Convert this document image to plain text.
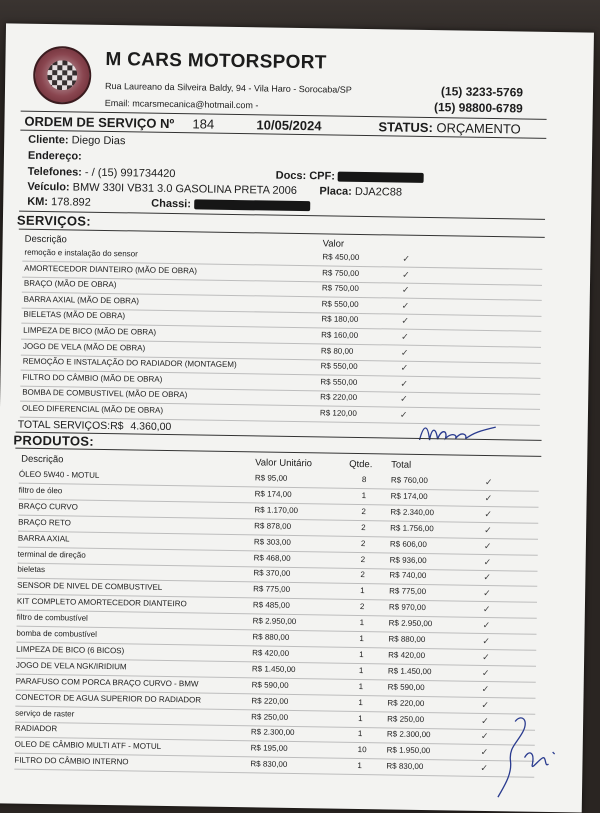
M CARS MOTORSPORT
Rua Laureano da Silveira Baldy, 94 - Vila Haro - Sorocaba/SP
Email: mcarsmecanica@hotmail.com -
(15) 3233-5769
(15) 98800-6789
ORDEM DE SERVIÇO Nº 184	10/05/2024	STATUS: ORÇAMENTO
Cliente: Diego Dias
Endereço:
Telefones: - / (15) 991734420	Docs: CPF:
Veículo: BMW 330I VB31 3.0 GASOLINA PRETA 2006 Placa: DJA2C88
KM: 178.892	Chassi:
SERVIÇOS:
Descrição	Valor
remoção e instalação do sensor	R$ 450,00	✓
AMORTECEDOR DIANTEIRO (MÃO DE OBRA)	R$ 750,00	✓
BRAÇO (MÃO DE OBRA)	R$ 750,00	✓
BARRA AXIAL (MÃO DE OBRA)	R$ 550,00	✓
BIELETAS (MÃO DE OBRA)	R$ 180,00	✓
LIMPEZA DE BICO (MÃO DE OBRA)	R$ 160,00	✓
JOGO DE VELA (MÃO DE OBRA)	R$ 80,00	✓
REMOÇÃO E INSTALAÇÃO DO RADIADOR (MONTAGEM)	R$ 550,00	✓
FILTRO DO CÂMBIO (MÃO DE OBRA)	R$ 550,00	✓
BOMBA DE COMBUSTIVEL (MÃO DE OBRA)	R$ 220,00	✓
OLEO DIFERENCIAL (MÃO DE OBRA)	R$ 120,00	✓
TOTAL SERVIÇOS:R$ 4.360,00
PRODUTOS:
Descrição	Valor Unitário	Qtde. Total
ÓLEO 5W40 - MOTUL	R$ 95,00	8	R$ 760,00	✓
filtro de óleo	R$ 174,00	1	R$ 174,00	✓
BRAÇO CURVO	R$ 1.170,00	2	R$ 2.340,00	✓
BRAÇO RETO	R$ 878,00	2	R$ 1.756,00	✓
BARRA AXIAL	R$ 303,00	2	R$ 606,00	✓
terminal de direção	R$ 468,00	2	R$ 936,00	✓
bieletas	R$ 370,00	2	R$ 740,00	✓
SENSOR DE NIVEL DE COMBUSTIVEL	R$ 775,00	1	R$ 775,00	✓
KIT COMPLETO AMORTECEDOR DIANTEIRO	R$ 485,00	2	R$ 970,00	✓
filtro de combustível	R$ 2.950,00	1	R$ 2.950,00	✓
bomba de combustível	R$ 880,00	1	R$ 880,00	✓
LIMPEZA DE BICO (6 BICOS)	R$ 420,00	1	R$ 420,00	✓
JOGO DE VELA NGK/IRIDIUM	R$ 1.450,00	1	R$ 1.450,00	✓
PARAFUSO COM PORCA BRAÇO CURVO - BMW	R$ 590,00	1	R$ 590,00	✓
CONECTOR DE AGUA SUPERIOR DO RADIADOR	R$ 220,00	1	R$ 220,00	✓
serviço de raster	R$ 250,00	1	R$ 250,00	✓
RADIADOR	R$ 2.300,00	1	R$ 2.300,00	✓
OLEO DE CÂMBIO MULTI ATF - MOTUL	R$ 195,00	10 R$ 1.950,00	✓
FILTRO DO CÂMBIO INTERNO	R$ 830,00	1	R$ 830,00	✓
